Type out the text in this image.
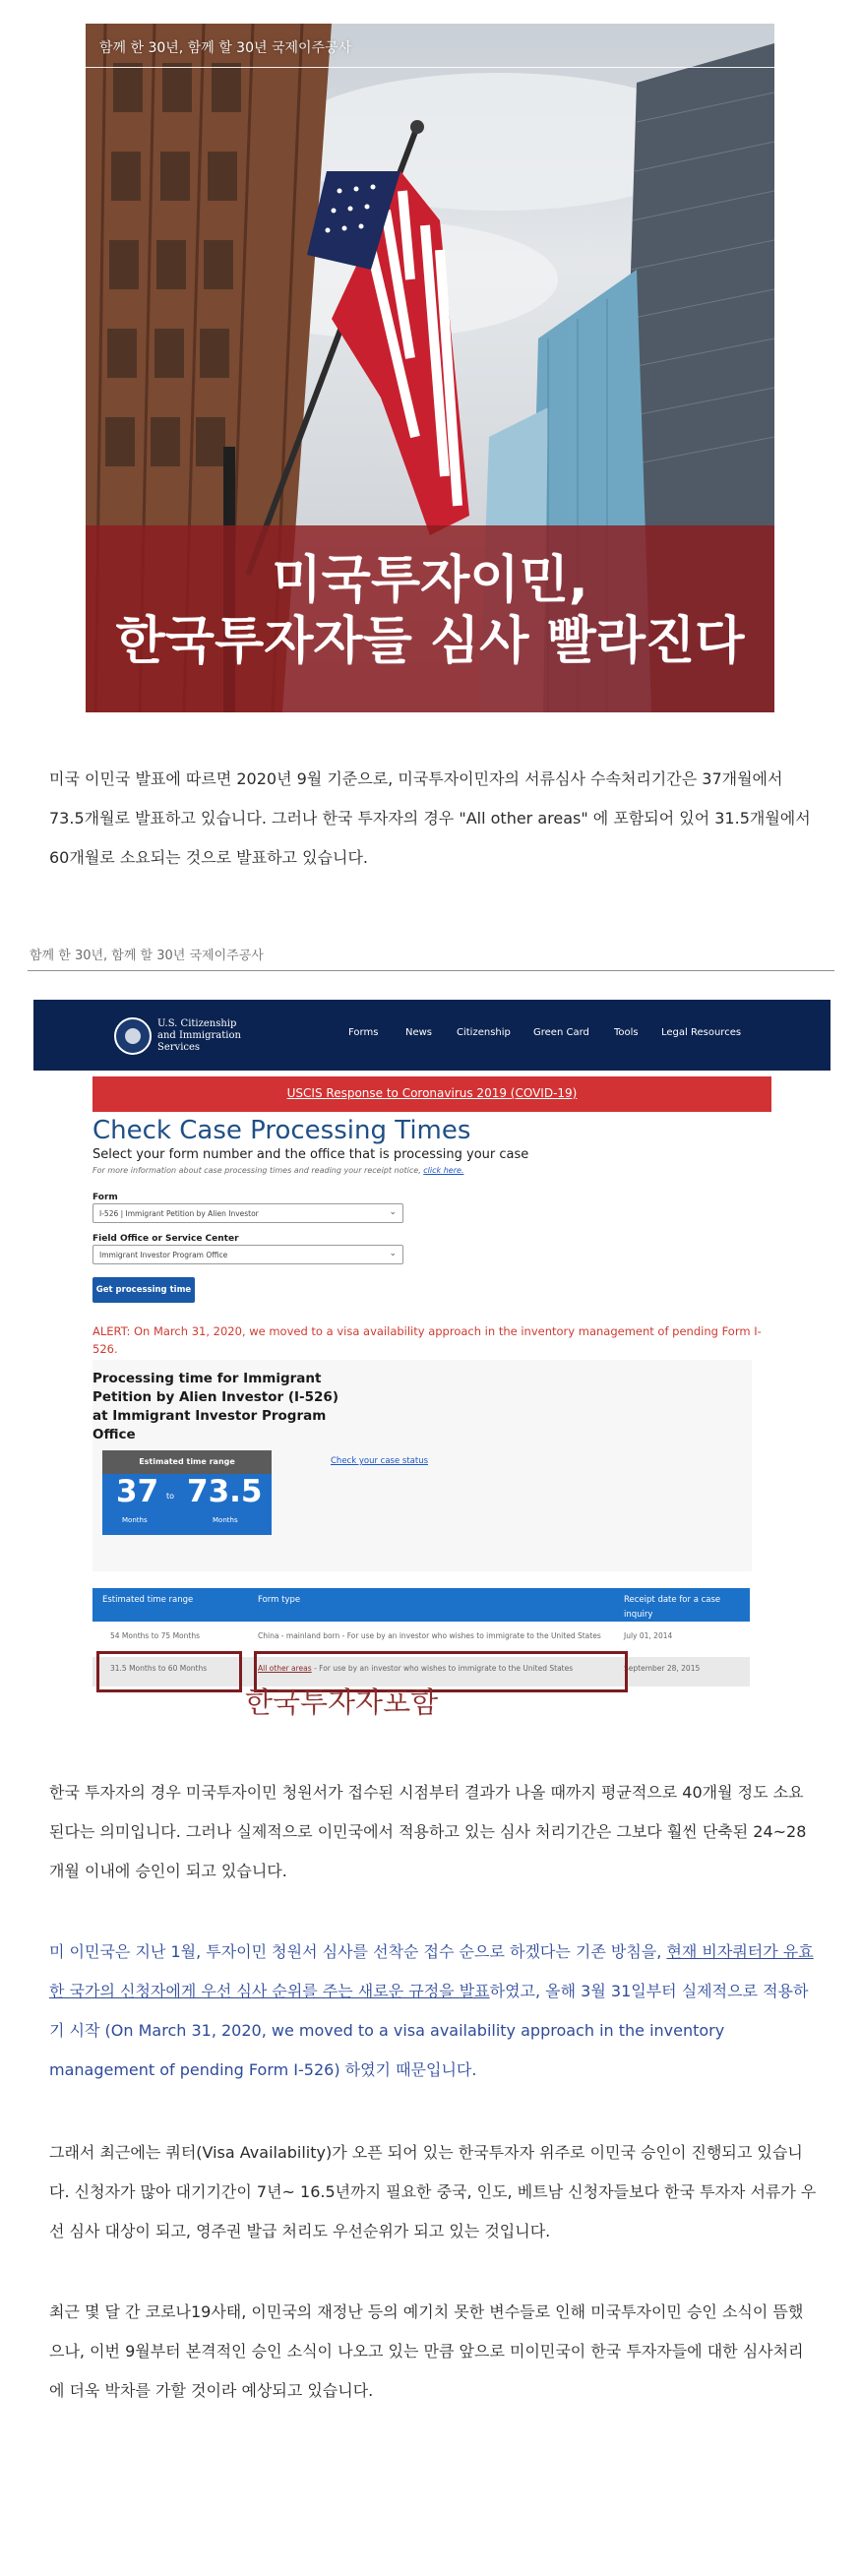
함께 한 30년, 함께 할 30년 국제이주공사
미국투자이민,
한국투자자들 심사 빨라진다
미국 이민국 발표에 따르면 2020년 9월 기준으로, 미국투자이민자의 서류심사 수속처리기간은 37개월에서 73.5개월로 발표하고 있습니다. 그러나 한국 투자자의 경우 "All other areas" 에 포함되어 있어 31.5개월에서 60개월로 소요되는 것으로 발표하고 있습니다.
함께 한 30년, 함께 할 30년 국제이주공사
U.S. Citizenship
and Immigration
Services
Forms	News Citizenship Green Card	Tools Legal Resources
USCIS Response to Coronavirus 2019 (COVID-19)
Check Case Processing Times
Select your form number and the office that is processing your case
For more information about case processing times and reading your receipt notice, click here.
Form
I-526 | Immigrant Petition by Alien Investor	⌄
Field Office or Service Center
Immigrant Investor Program Office	⌄
Get processing time
ALERT: On March 31, 2020, we moved to a visa availability approach in the inventory management of pending Form I-526.
Processing time for Immigrant Petition by Alien Investor (I-526) at Immigrant Investor Program Office
Estimated time range
37 to 73.5
Months	Months
Check your case status
Estimated time range	Form type	Receipt date for a case inquiry
54 Months to 75 Months	China - mainland born - For use by an investor who wishes to immigrate to the United States	July 01, 2014
31.5 Months to 60 Months	All other areas - For use by an investor who wishes to immigrate to the United States	September 28, 2015
한국투자자포함
한국 투자자의 경우 미국투자이민 청원서가 접수된 시점부터 결과가 나올 때까지 평균적으로 40개월 정도 소요된다는 의미입니다. 그러나 실제적으로 이민국에서 적용하고 있는 심사 처리기간은 그보다 훨씬 단축된 24~28개월 이내에 승인이 되고 있습니다.
미 이민국은 지난 1월, 투자이민 청원서 심사를 선착순 접수 순으로 하겠다는 기존 방침을, 현재 비자쿼터가 유효한 국가의 신청자에게 우선 심사 순위를 주는 새로운 규정을 발표하였고, 올해 3월 31일부터 실제적으로 적용하기 시작 (On March 31, 2020, we moved to a visa availability approach in the inventory management of pending Form I-526) 하였기 때문입니다.
그래서 최근에는 쿼터(Visa Availability)가 오픈 되어 있는 한국투자자 위주로 이민국 승인이 진행되고 있습니다. 신청자가 많아 대기기간이 7년~ 16.5년까지 필요한 중국, 인도, 베트남 신청자들보다 한국 투자자 서류가 우선 심사 대상이 되고, 영주권 발급 처리도 우선순위가 되고 있는 것입니다.
최근 몇 달 간 코로나19사태, 이민국의 재정난 등의 예기치 못한 변수들로 인해 미국투자이민 승인 소식이 뜸했으나, 이번 9월부터 본격적인 승인 소식이 나오고 있는 만큼 앞으로 미이민국이 한국 투자자들에 대한 심사처리에 더욱 박차를 가할 것이라 예상되고 있습니다.
